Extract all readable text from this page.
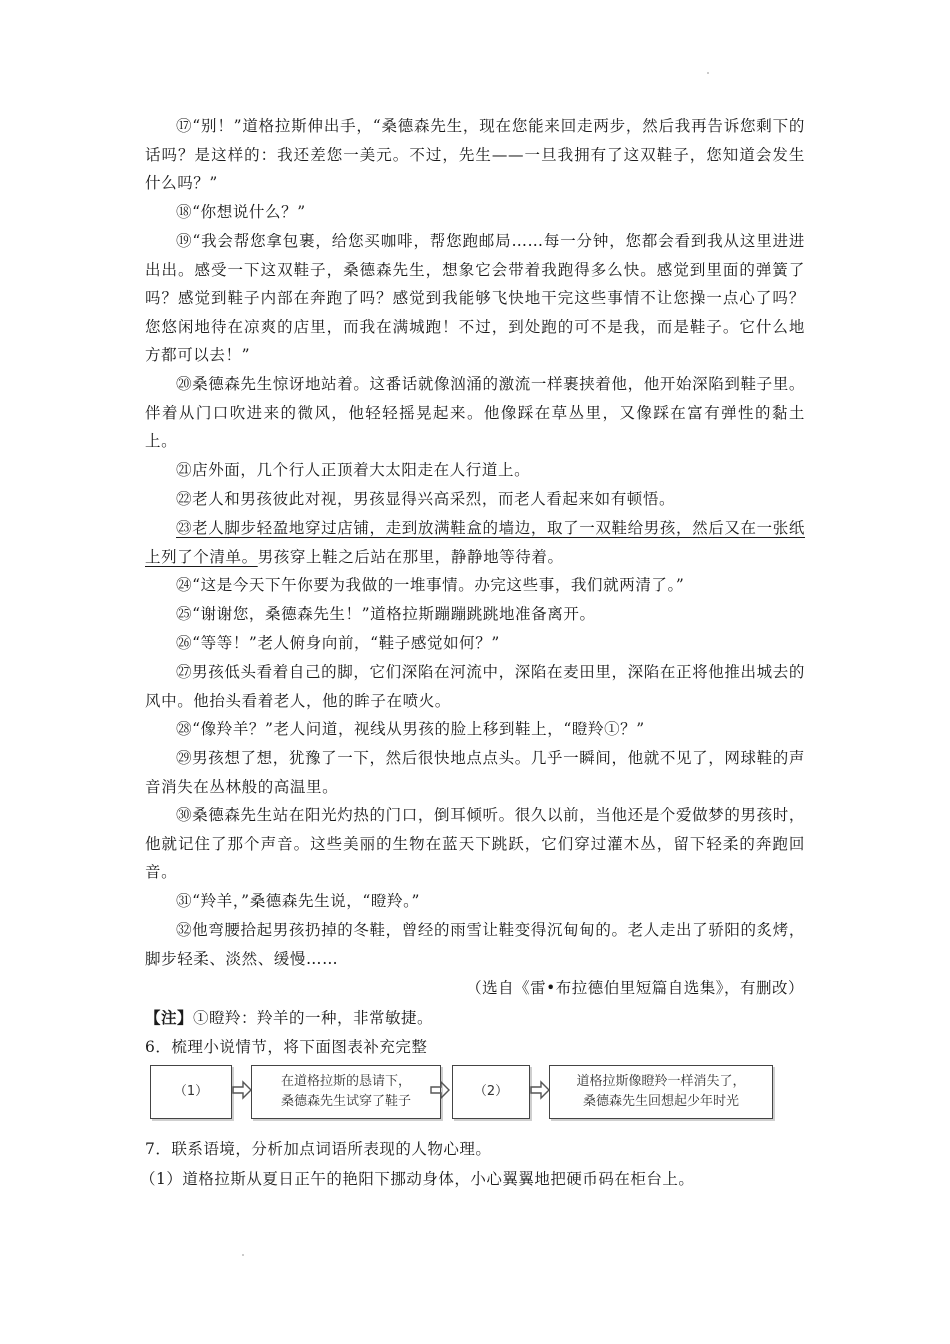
⑰“别！”道格拉斯伸出手，“桑德森先生，现在您能来回走两步，然后我再告诉您剩下的话吗？是这样的：我还差您一美元。不过，先生——一旦我拥有了这双鞋子，您知道会发生什么吗？”
⑱“你想说什么？”
⑲“我会帮您拿包裹，给您买咖啡，帮您跑邮局……每一分钟，您都会看到我从这里进进出出。感受一下这双鞋子，桑德森先生，想象它会带着我跑得多么快。感觉到里面的弹簧了吗？感觉到鞋子内部在奔跑了吗？感觉到我能够飞快地干完这些事情不让您操一点心了吗？您悠闲地待在凉爽的店里，而我在满城跑！不过，到处跑的可不是我，而是鞋子。它什么地方都可以去！”
⑳桑德森先生惊讶地站着。这番话就像汹涌的激流一样裹挟着他，他开始深陷到鞋子里。伴着从门口吹进来的微风，他轻轻摇晃起来。他像踩在草丛里，又像踩在富有弹性的黏土上。
㉑店外面，几个行人正顶着大太阳走在人行道上。
㉒老人和男孩彼此对视，男孩显得兴高采烈，而老人看起来如有顿悟。
㉓老人脚步轻盈地穿过店铺，走到放满鞋盒的墙边，取了一双鞋给男孩，然后又在一张纸上列了个清单。男孩穿上鞋之后站在那里，静静地等待着。
㉔“这是今天下午你要为我做的一堆事情。办完这些事，我们就两清了。”
㉕“谢谢您，桑德森先生！”道格拉斯蹦蹦跳跳地准备离开。
㉖“等等！”老人俯身向前，“鞋子感觉如何？”
㉗男孩低头看着自己的脚，它们深陷在河流中，深陷在麦田里，深陷在正将他推出城去的风中。他抬头看着老人，他的眸子在喷火。
㉘“像羚羊？”老人问道，视线从男孩的脸上移到鞋上，“瞪羚①？”
㉙男孩想了想，犹豫了一下，然后很快地点点头。几乎一瞬间，他就不见了，网球鞋的声音消失在丛林般的高温里。
㉚桑德森先生站在阳光灼热的门口，倒耳倾听。很久以前，当他还是个爱做梦的男孩时，他就记住了那个声音。这些美丽的生物在蓝天下跳跃，它们穿过灌木丛，留下轻柔的奔跑回音。
㉛“羚羊，”桑德森先生说，“瞪羚。”
㉜他弯腰拾起男孩扔掉的冬鞋，曾经的雨雪让鞋变得沉甸甸的。老人走出了骄阳的炙烤，脚步轻柔、淡然、缓慢……
（选自《雷•布拉德伯里短篇自选集》，有删改）
【注】①瞪羚：羚羊的一种，非常敏捷。
6．梳理小说情节，将下面图表补充完整
（1）
在道格拉斯的恳请下，
桑德森先生试穿了鞋子
（2）
道格拉斯像瞪羚一样消失了，
桑德森先生回想起少年时光
7．联系语境，分析加点词语所表现的人物心理。
（1）道格拉斯从夏日正午的艳阳下挪动身体，小心翼翼地把硬币码在柜台上。
